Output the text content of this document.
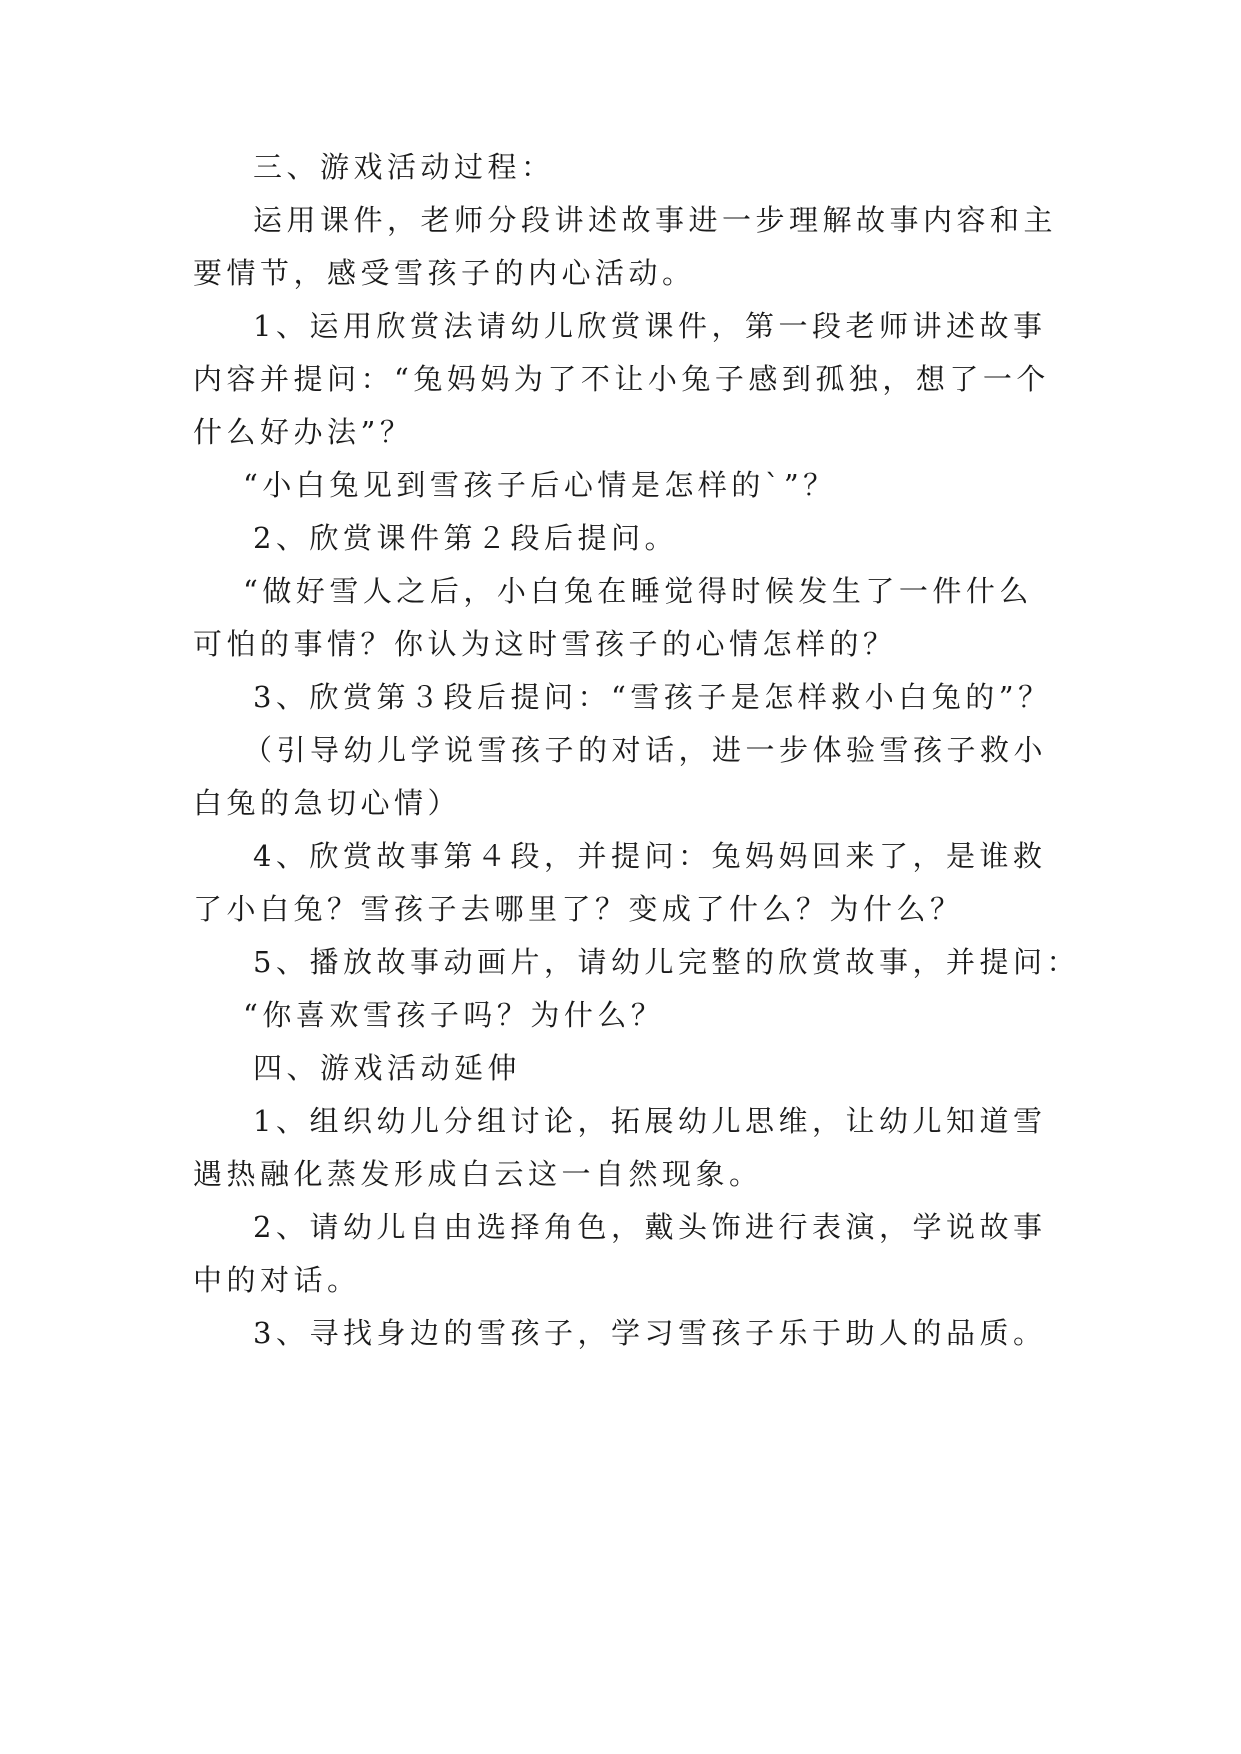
三、游戏活动过程：
运用课件，老师分段讲述故事进一步理解故事内容和主
要情节，感受雪孩子的内心活动。
1、运用欣赏法请幼儿欣赏课件，第一段老师讲述故事
内容并提问：“兔妈妈为了不让小兔子感到孤独，想了一个
什么好办法”？
“小白兔见到雪孩子后心情是怎样的`”？
2、欣赏课件第２段后提问。
“做好雪人之后，小白兔在睡觉得时候发生了一件什么
可怕的事情？你认为这时雪孩子的心情怎样的？
3、欣赏第３段后提问：“雪孩子是怎样救小白兔的”？
（引导幼儿学说雪孩子的对话，进一步体验雪孩子救小
白兔的急切心情）
4、欣赏故事第４段，并提问：兔妈妈回来了，是谁救
了小白兔？雪孩子去哪里了？变成了什么？为什么？
5、播放故事动画片，请幼儿完整的欣赏故事，并提问：
“你喜欢雪孩子吗？为什么？
四、游戏活动延伸
1、组织幼儿分组讨论，拓展幼儿思维，让幼儿知道雪
遇热融化蒸发形成白云这一自然现象。
2、请幼儿自由选择角色，戴头饰进行表演，学说故事
中的对话。
3、寻找身边的雪孩子，学习雪孩子乐于助人的品质。
